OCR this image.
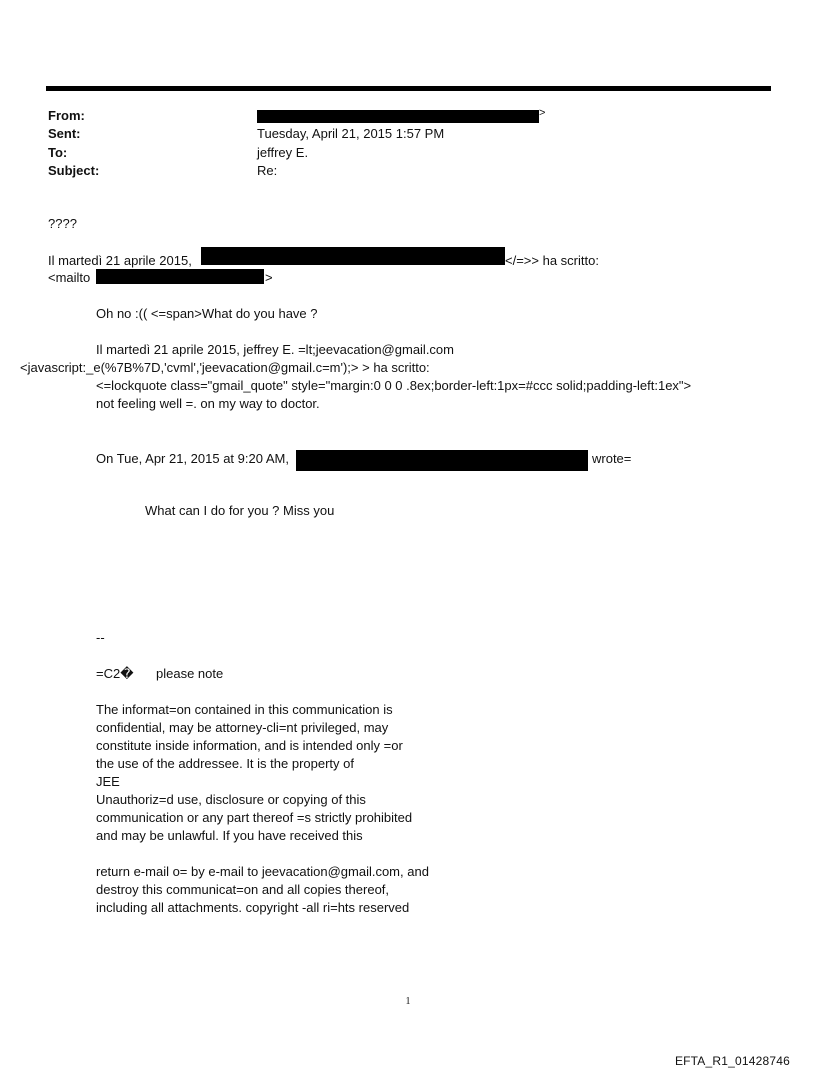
From:	>
Sent:	Tuesday, April 21, 2015 1:57 PM
To:	jeffrey E.
Subject:	Re:
????
Il martedì 21 aprile 2015,	</=>> ha scritto:
<mailto	>
Oh no :(( <=span>What do you have ?
Il martedì 21 aprile 2015, jeffrey E. =lt;jeevacation@gmail.com
<javascript:_e(%7B%7D,'cvml','jeevacation@gmail.c=m');> > ha scritto:
<=lockquote class="gmail_quote" style="margin:0 0 0 .8ex;border-left:1px=#ccc solid;padding-left:1ex">
not feeling well =. on my way to doctor.
On Tue, Apr 21, 2015 at 9:20 AM,	wrote=
What can I do for you ? Miss you
--
=C2� please note
The informat=on contained in this communication is
confidential, may be attorney-cli=nt privileged, may
constitute inside information, and is intended only =or
the use of the addressee. It is the property of
JEE
Unauthoriz=d use, disclosure or copying of this
communication or any part thereof =s strictly prohibited
and may be unlawful. If you have received this
return e-mail o= by e-mail to jeevacation@gmail.com, and
destroy this communicat=on and all copies thereof,
including all attachments. copyright -all ri=hts reserved
1
EFTA_R1_01428746
